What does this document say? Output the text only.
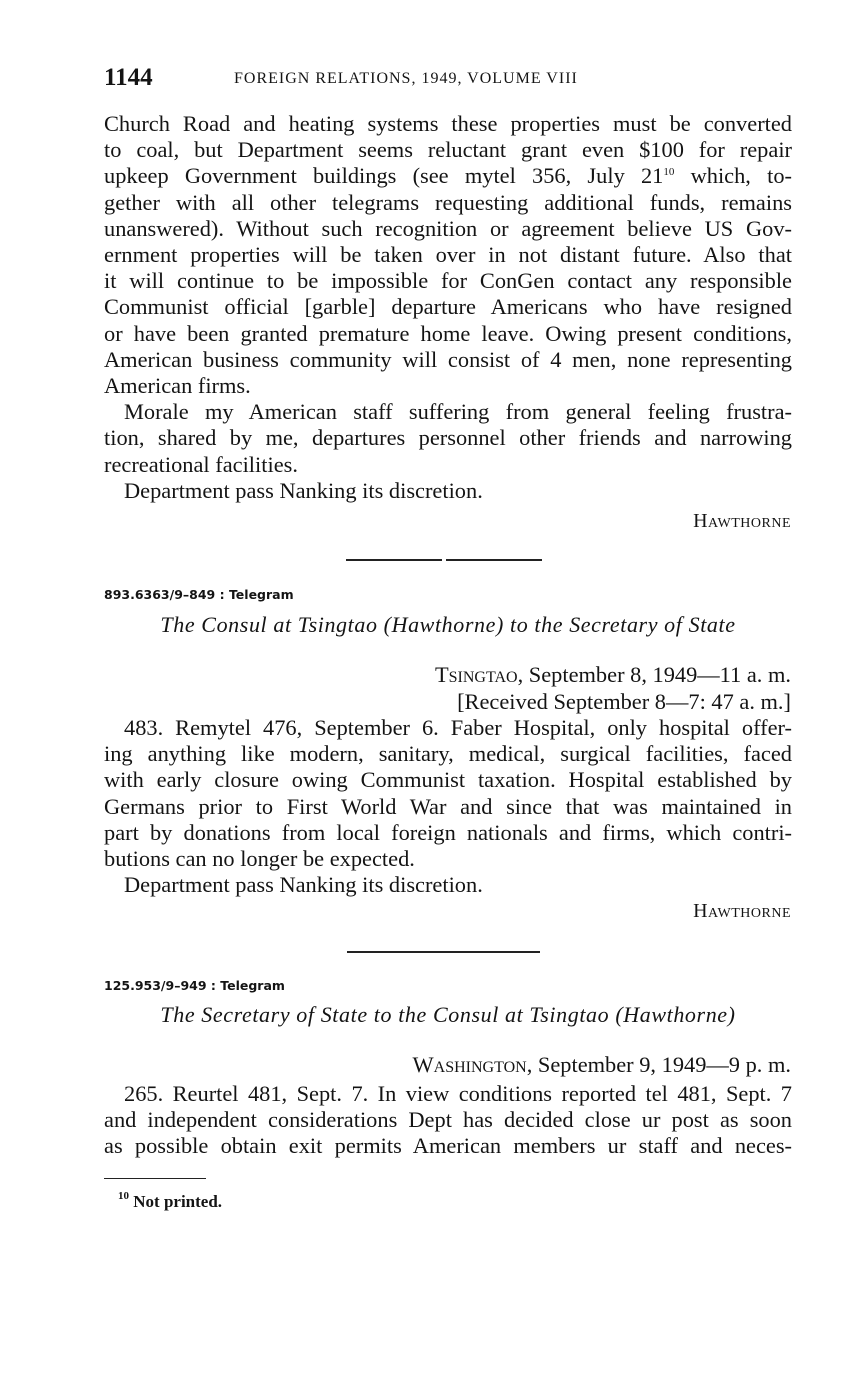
1144	FOREIGN RELATIONS, 1949, VOLUME VIII
Church Road and heating systems these properties must be converted
to coal, but Department seems reluctant grant even $100 for repair
upkeep Government buildings (see mytel 356, July $21^{10}$ which, to-
gether with all other telegrams requesting additional funds, remains
unanswered). Without such recognition or agreement believe US Gov-
ernment properties will be taken over in not distant future. Also that
it will continue to be impossible for ConGen contact any responsible
Communist official [garble] departure Americans who have resigned
or have been granted premature home leave. Owing present conditions,
American business community will consist of 4 men, none representing
American firms.
Morale my American staff suffering from general feeling frustra-
tion, shared by me, departures personnel other friends and narrowing
recreational facilities.
Department pass Nanking its discretion.
Hawthorne
893.6363/9–849 : Telegram
The Consul at Tsingtao (Hawthorne) to the Secretary of State
Tsingtao, September 8, 1949—11 a. m.
[Received September 8—7: 47 a. m.]
483. Remytel 476, September 6. Faber Hospital, only hospital offer-
ing anything like modern, sanitary, medical, surgical facilities, faced
with early closure owing Communist taxation. Hospital established by
Germans prior to First World War and since that was maintained in
part by donations from local foreign nationals and firms, which contri-
butions can no longer be expected.
Department pass Nanking its discretion.
Hawthorne
125.953/9–949 : Telegram
The Secretary of State to the Consul at Tsingtao (Hawthorne)
Washington, September 9, 1949—9 p. m.
265. Reurtel 481, Sept. 7. In view conditions reported tel 481, Sept. 7
and independent considerations Dept has decided close ur post as soon
as possible obtain exit permits American members ur staff and neces-
$^{10}$ Not printed.
